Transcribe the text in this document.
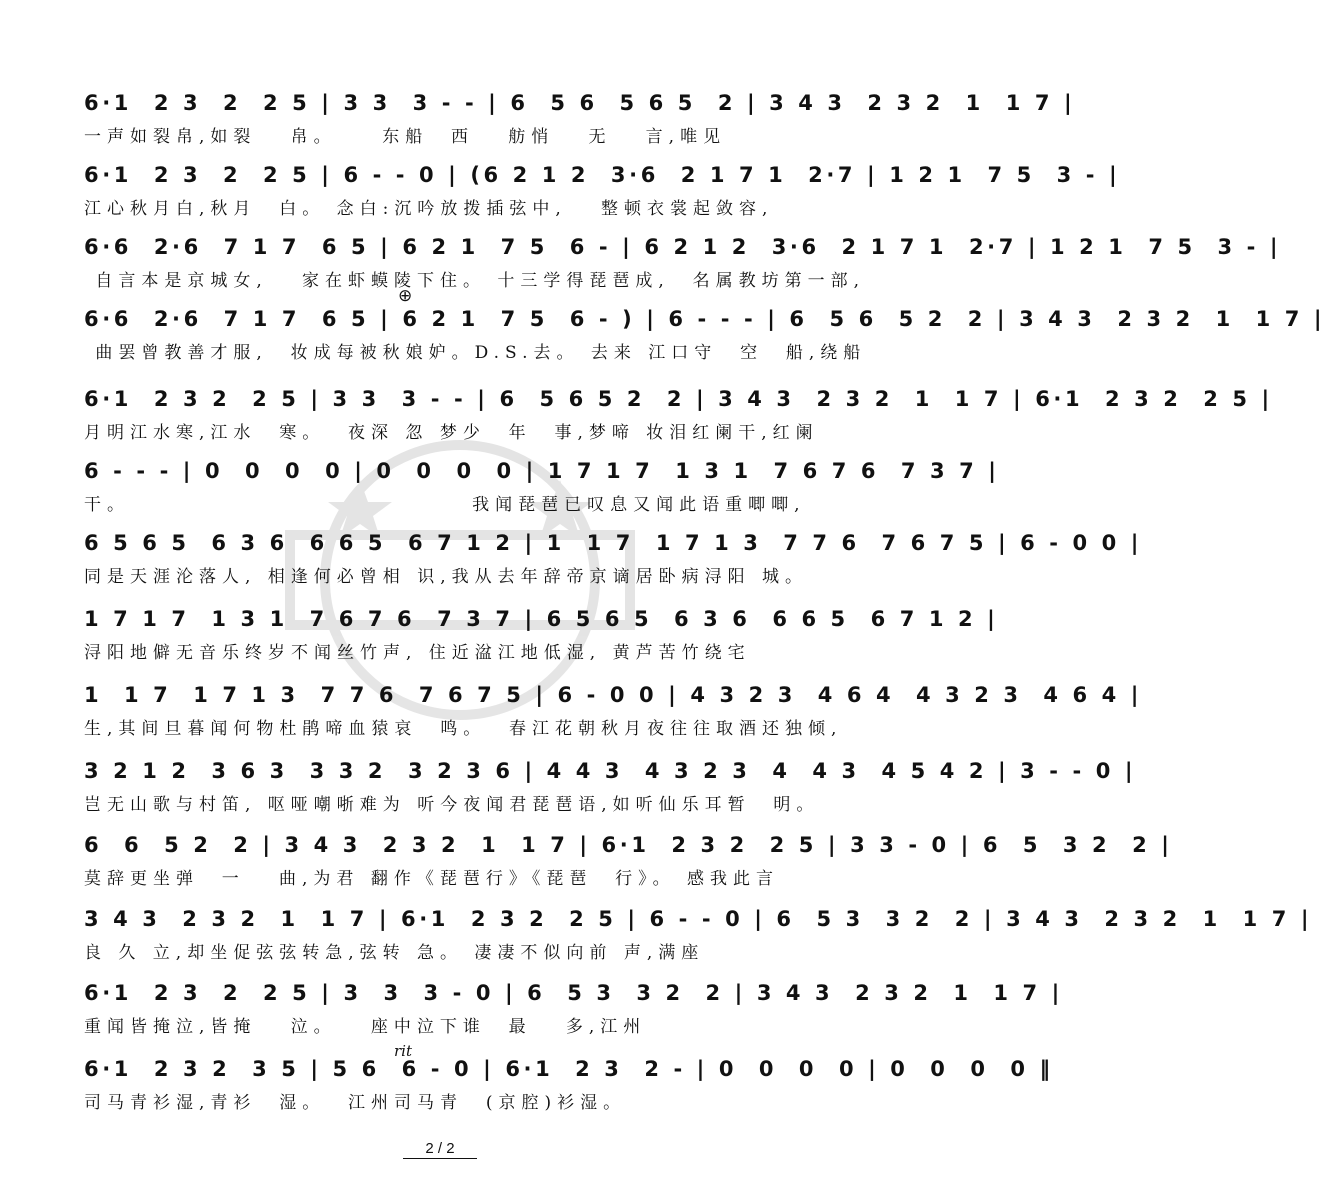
⊕
rit
6·1  2 3  2  2 5 | 3 3  3 - - | 6  5 6  5 6 5  2 | 3 4 3  2 3 2  1  1 7 |
一声如裂帛,如裂   帛。    东船  西   舫悄   无   言,唯见
6·1  2 3  2  2 5 | 6 - - 0 | (6 2 1 2  3·6  2 1 7 1  2·7 | 1 2 1  7 5  3 - |
江心秋月白,秋月  白。 念白:沉吟放拨插弦中,   整顿衣裳起敛容,
6·6  2·6  7 1 7  6 5 | 6 2 1  7 5  6 - | 6 2 1 2  3·6  2 1 7 1  2·7 | 1 2 1  7 5  3 - |
自言本是京城女,   家在虾蟆陵下住。 十三学得琵琶成,  名属教坊第一部,
6·6  2·6  7 1 7  6 5 | 6 2 1  7 5  6 - ) | 6 - - - | 6  5 6  5 2  2 | 3 4 3  2 3 2  1  1 7 |
曲罢曾教善才服,  妆成每被秋娘妒。D.S.去。 去来 江口守  空  船,绕船
6·1  2 3 2  2 5 | 3 3  3 - - | 6  5 6 5 2  2 | 3 4 3  2 3 2  1  1 7 | 6·1  2 3 2  2 5 |
月明江水寒,江水  寒。  夜深 忽 梦少  年  事,梦啼 妆泪红阑干,红阑
6 - - - | 0  0  0  0 | 0  0  0  0 | 1 7 1 7  1 3 1  7 6 7 6  7 3 7 |
干。                              我闻琵琶已叹息又闻此语重唧唧,
6 5 6 5  6 3 6  6 6 5  6 7 1 2 | 1  1 7  1 7 1 3  7 7 6  7 6 7 5 | 6 - 0 0 |
同是天涯沦落人, 相逢何必曾相 识,我从去年辞帝京谪居卧病浔阳 城。
1 7 1 7  1 3 1  7 6 7 6  7 3 7 | 6 5 6 5  6 3 6  6 6 5  6 7 1 2 |
浔阳地僻无音乐终岁不闻丝竹声, 住近湓江地低湿, 黄芦苦竹绕宅
1  1 7  1 7 1 3  7 7 6  7 6 7 5 | 6 - 0 0 | 4 3 2 3  4 6 4  4 3 2 3  4 6 4 |
生,其间旦暮闻何物杜鹃啼血猿哀  鸣。  春江花朝秋月夜往往取酒还独倾,
3 2 1 2  3 6 3  3 3 2  3 2 3 6 | 4 4 3  4 3 2 3  4  4 3  4 5 4 2 | 3 - - 0 |
岂无山歌与村笛, 呕哑嘲哳难为 听今夜闻君琵琶语,如听仙乐耳暂  明。
6  6  5 2  2 | 3 4 3  2 3 2  1  1 7 | 6·1  2 3 2  2 5 | 3 3 - 0 | 6  5  3 2  2 |
莫辞更坐弹  一   曲,为君 翻作《琵琶行》《琵琶  行》。 感我此言
3 4 3  2 3 2  1  1 7 | 6·1  2 3 2  2 5 | 6 - - 0 | 6  5 3  3 2  2 | 3 4 3  2 3 2  1  1 7 |
良 久 立,却坐促弦弦转急,弦转 急。 凄凄不似向前 声,满座
6·1  2 3  2  2 5 | 3  3  3 - 0 | 6  5 3  3 2  2 | 3 4 3  2 3 2  1  1 7 |
重闻皆掩泣,皆掩   泣。   座中泣下谁  最   多,江州
6·1  2 3 2  3 5 | 5 6  6 - 0 | 6·1  2 3  2 - | 0  0  0  0 | 0  0  0  0 ‖
司马青衫湿,青衫  湿。  江州司马青  (京腔)衫湿。
2 / 2
